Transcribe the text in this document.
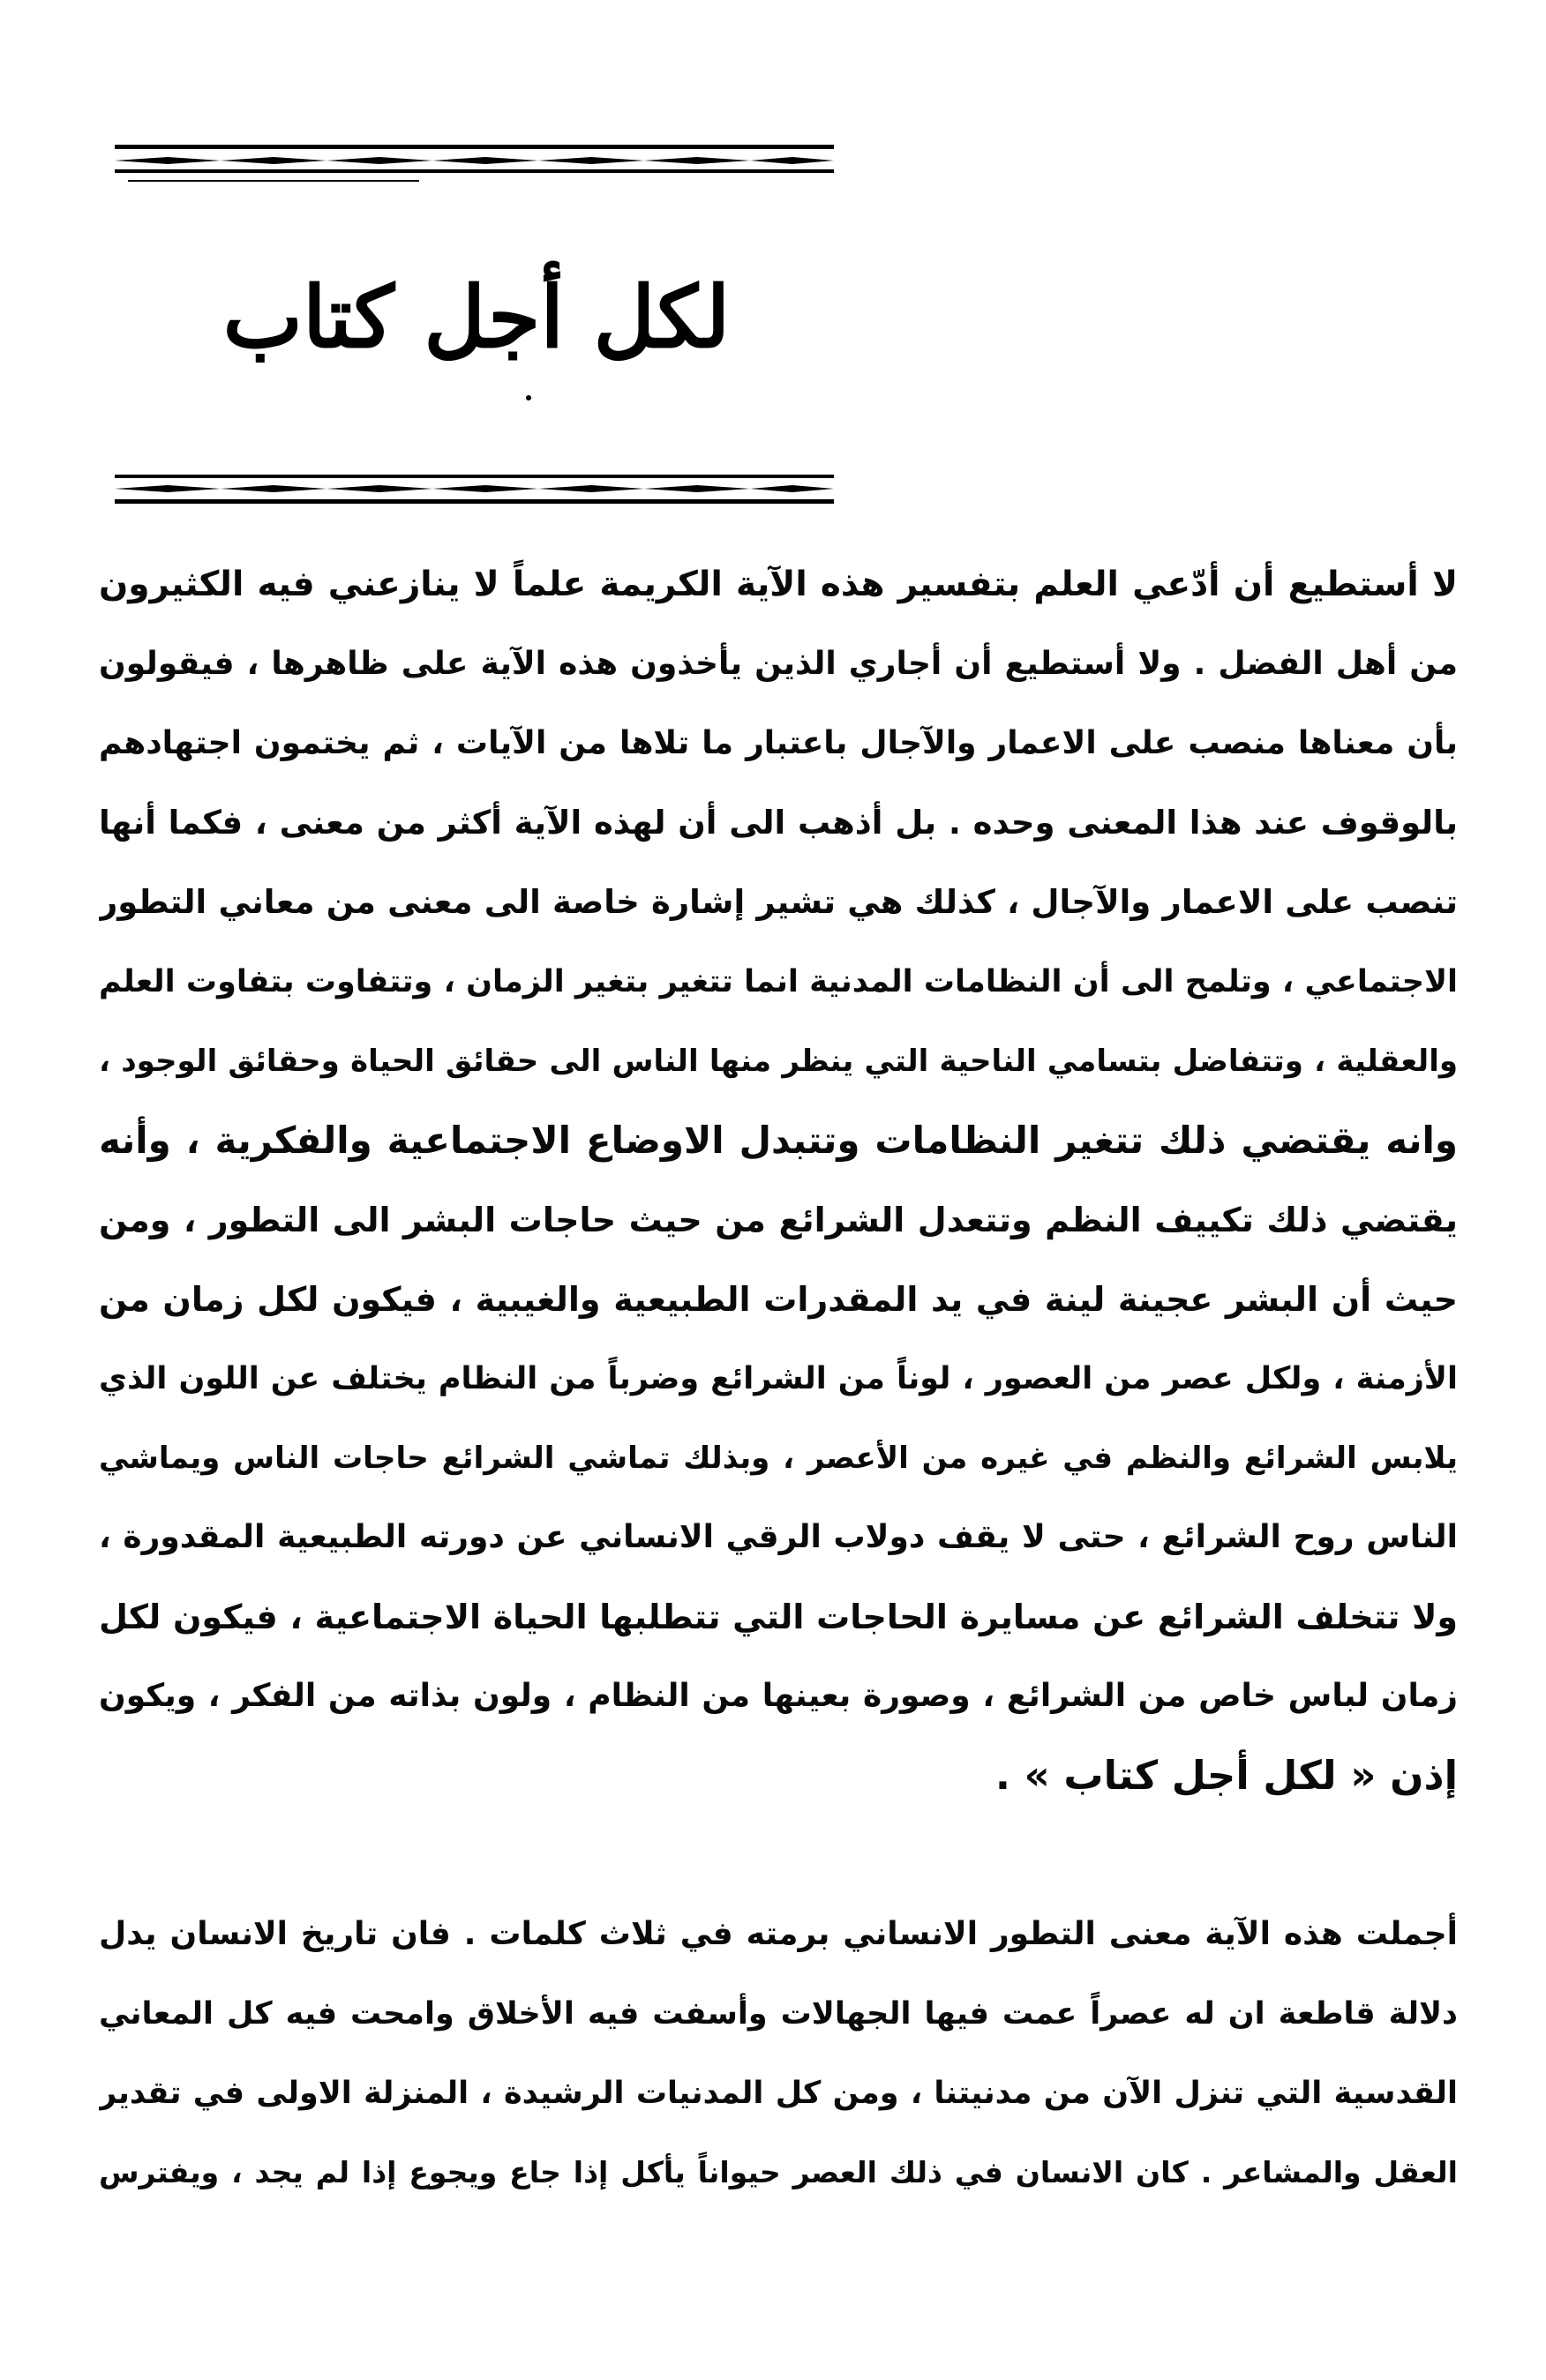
لكل أجل كتاب
لا أستطيع أن أدّعي العلم بتفسير هذه الآية الكريمة علماً لا ينازعني فيه الكثيرون
من أهل الفضل . ولا أستطيع أن أجاري الذين يأخذون هذه الآية على ظاهرها ، فيقولون
بأن معناها منصب على الاعمار والآجال باعتبار ما تلاها من الآيات ، ثم يختمون اجتهادهم
بالوقوف عند هذا المعنى وحده . بل أذهب الى أن لهذه الآية أكثر من معنى ، فكما أنها
تنصب على الاعمار والآجال ، كذلك هي تشير إشارة خاصة الى معنى من معاني التطور
الاجتماعي ، وتلمح الى أن النظامات المدنية انما تتغير بتغير الزمان ، وتتفاوت بتفاوت العلم
والعقلية ، وتتفاضل بتسامي الناحية التي ينظر منها الناس الى حقائق الحياة وحقائق الوجود ،
وانه يقتضي ذلك تتغير النظامات وتتبدل الاوضاع الاجتماعية والفكرية ، وأنه
يقتضي ذلك تكييف النظم وتتعدل الشرائع من حيث حاجات البشر الى التطور ، ومن
حيث أن البشر عجينة لينة في يد المقدرات الطبيعية والغيبية ، فيكون لكل زمان من
الأزمنة ، ولكل عصر من العصور ، لوناً من الشرائع وضرباً من النظام يختلف عن اللون الذي
يلابس الشرائع والنظم في غيره من الأعصر ، وبذلك تماشي الشرائع حاجات الناس ويماشي
الناس روح الشرائع ، حتى لا يقف دولاب الرقي الانساني عن دورته الطبيعية المقدورة ،
ولا تتخلف الشرائع عن مسايرة الحاجات التي تتطلبها الحياة الاجتماعية ، فيكون لكل
زمان لباس خاص من الشرائع ، وصورة بعينها من النظام ، ولون بذاته من الفكر ، ويكون
إذن « لكل أجل كتاب » .
أجملت هذه الآية معنى التطور الانساني برمته في ثلاث كلمات . فان تاريخ الانسان يدل
دلالة قاطعة ان له عصراً عمت فيها الجهالات وأسفت فيه الأخلاق وامحت فيه كل المعاني
القدسية التي تنزل الآن من مدنيتنا ، ومن كل المدنيات الرشيدة ، المنزلة الاولى في تقدير
العقل والمشاعر . كان الانسان في ذلك العصر حيواناً يأكل إذا جاع ويجوع إذا لم يجد ، ويفترس
